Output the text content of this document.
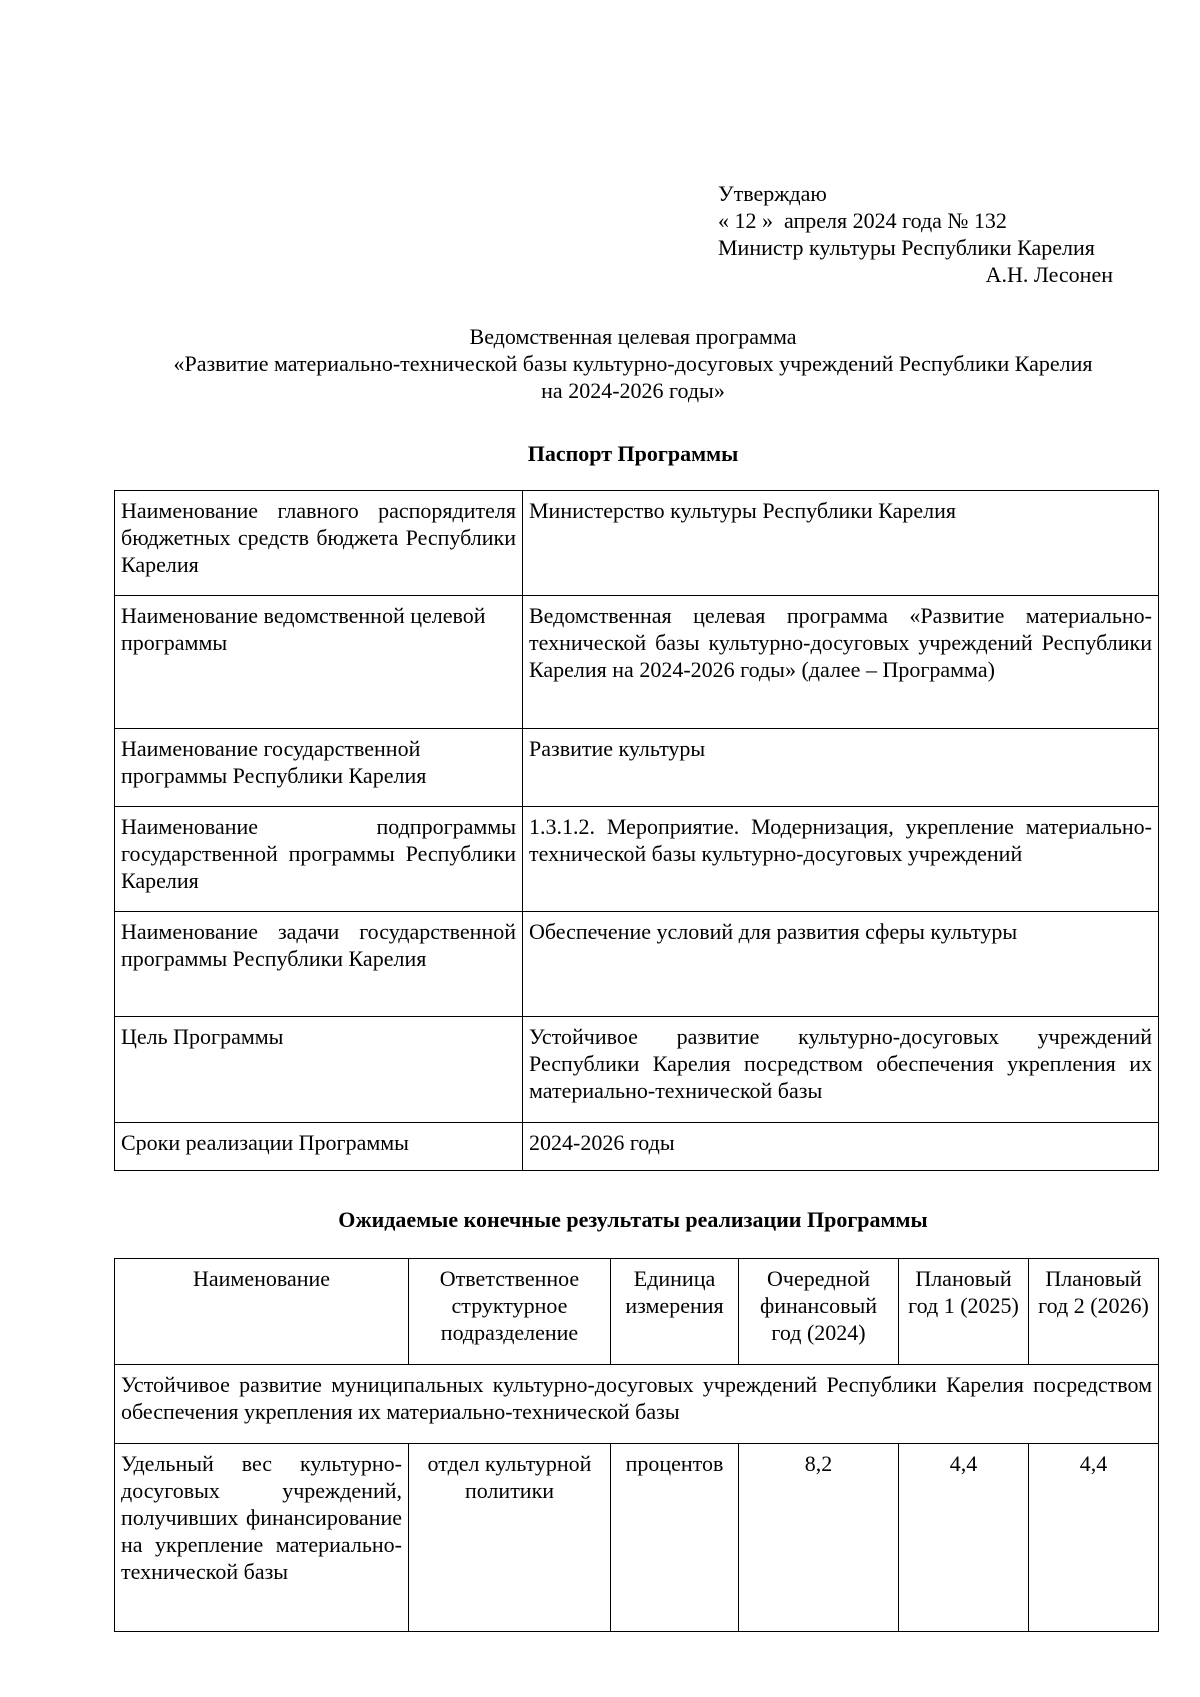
Утверждаю
« 12 »  апреля 2024 года № 132
Министр культуры Республики Карелия
А.Н. Лесонен
Ведомственная целевая программа
«Развитие материально-технической базы культурно-досуговых учреждений Республики Карелия
на 2024-2026 годы»
Паспорт Программы
Наименование главного распорядителя бюджетных средств бюджета Республики Карелия	Министерство культуры Республики Карелия
Наименование ведомственной целевой программы	Ведомственная целевая программа «Развитие материально-технической базы культурно-досуговых учреждений Республики Карелия на 2024-2026 годы» (далее – Программа)
Наименование государственной программы Республики Карелия	Развитие культуры
Наименование подпрограммы государственной программы Республики Карелия	1.3.1.2. Мероприятие. Модернизация, укрепление материально-технической базы культурно-досуговых учреждений
Наименование задачи государственной программы Республики Карелия	Обеспечение условий для развития сферы культуры
Цель Программы	Устойчивое развитие культурно-досуговых учреждений Республики Карелия посредством обеспечения укрепления их материально-технической базы
Сроки реализации Программы	2024-2026 годы
Ожидаемые конечные результаты реализации Программы
Наименование	Ответственное структурное подразделение	Единица измерения	Очередной финансовый год (2024)	Плановый год 1 (2025)	Плановый год 2 (2026)
Устойчивое развитие муниципальных культурно-досуговых учреждений Республики Карелия посредством обеспечения укрепления их материально-технической базы					
Удельный вес культурно-досуговых учреждений, получивших финансирование на укрепление материально-технической базы	отдел культурной политики	процентов	8,2	4,4	4,4
